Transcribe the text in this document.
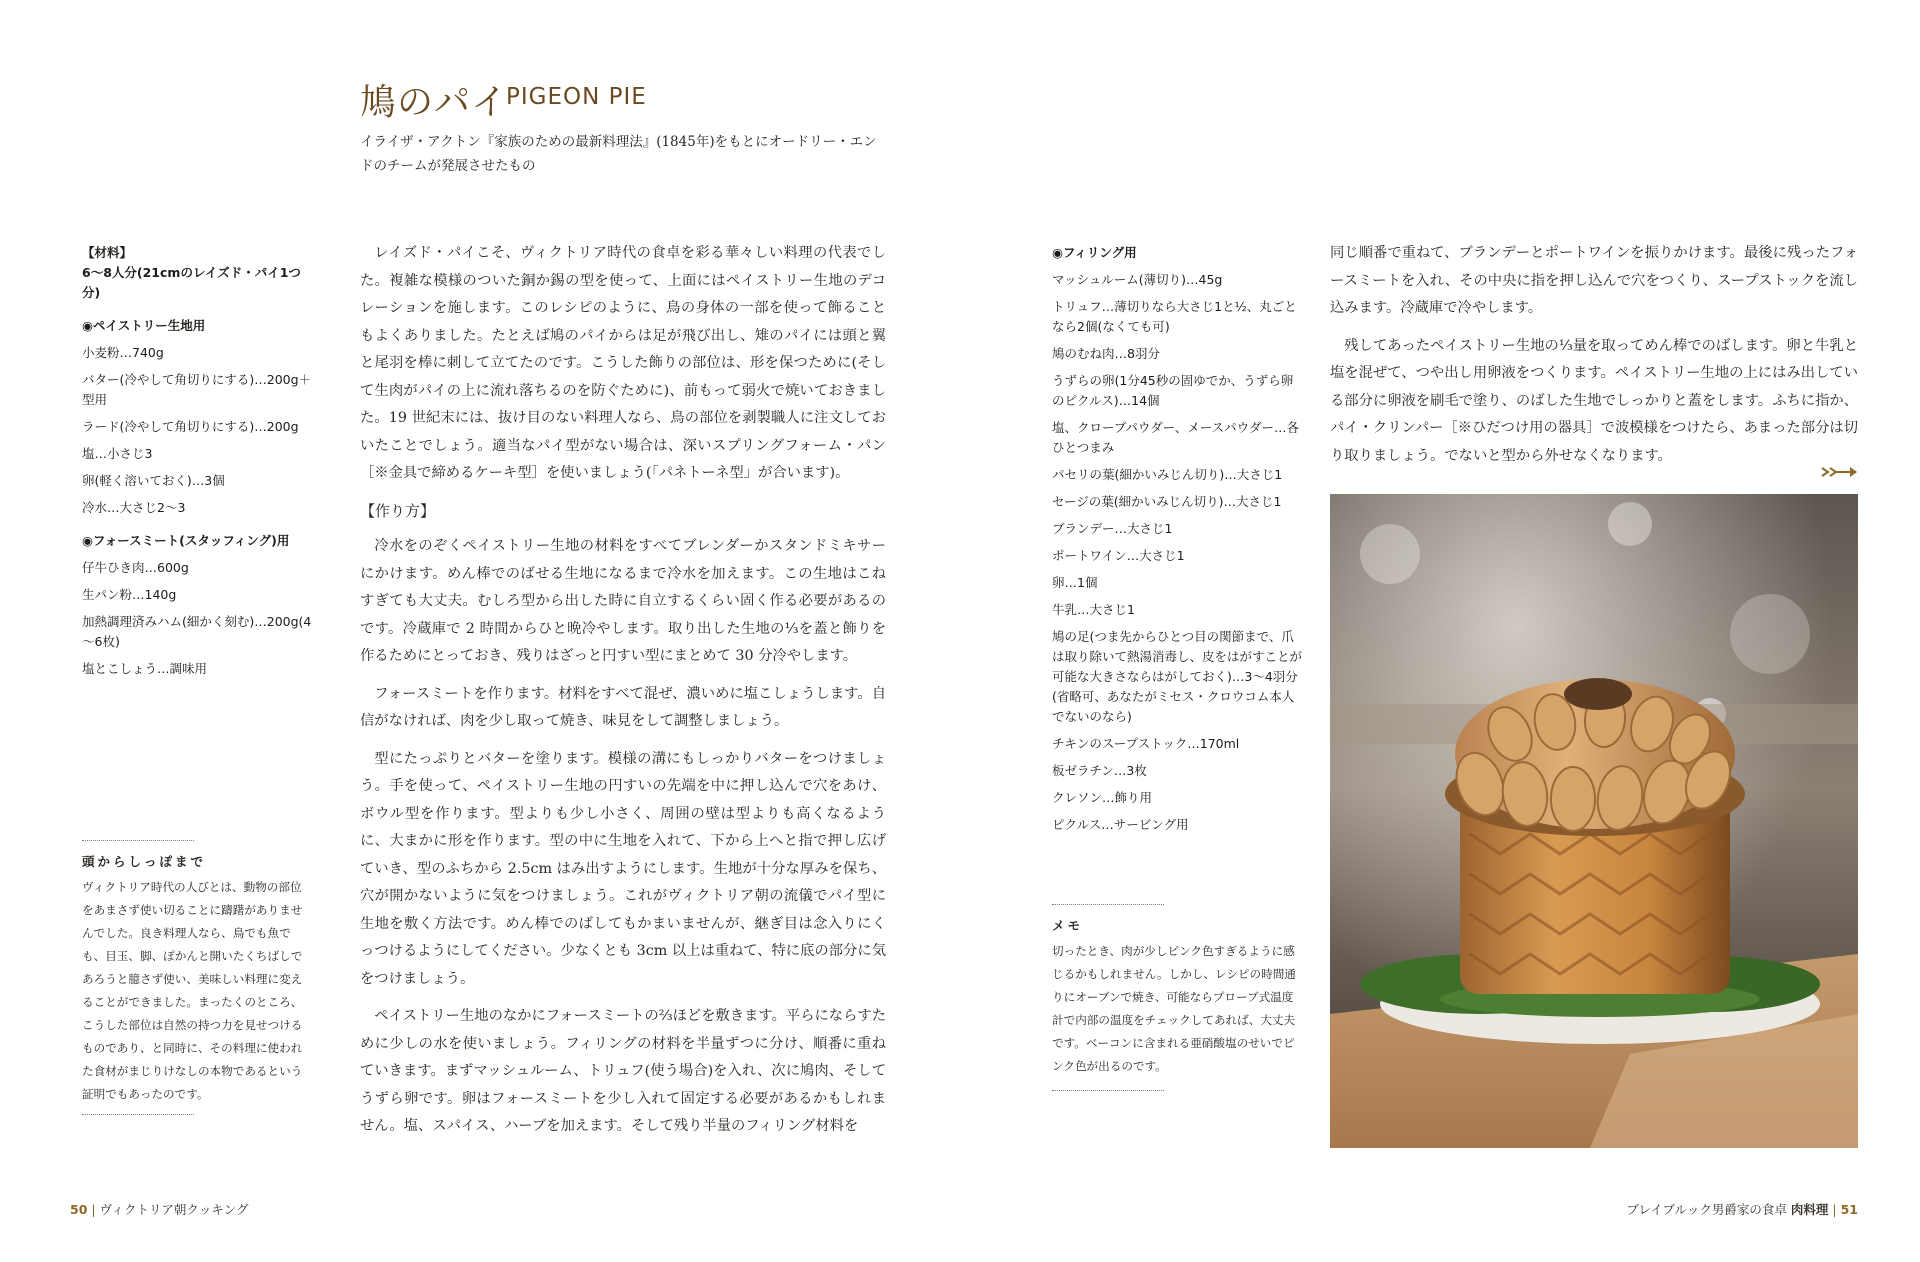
鳩のパイ
PIGEON PIE
イライザ・アクトン『家族のための最新料理法』(1845年)をもとにオードリー・エンドのチームが発展させたもの
【材料】
6～8人分(21cmのレイズド・パイ1つ分)
◉ペイストリー生地用
小麦粉…740g
バター(冷やして角切りにする)…200g＋型用
ラード(冷やして角切りにする)…200g
塩…小さじ3
卵(軽く溶いておく)…3個
冷水…大さじ2～3
◉フォースミート(スタッフィング)用
仔牛ひき肉…600g
生パン粉…140g
加熱調理済みハム(細かく刻む)…200g(4～6枚)
塩とこしょう…調味用
頭からしっぽまで
ヴィクトリア時代の人びとは、動物の部位をあまさず使い切ることに躊躇がありませんでした。良き料理人なら、鳥でも魚でも、目玉、脚、ぽかんと開いたくちばしであろうと臆さず使い、美味しい料理に変えることができました。まったくのところ、こうした部位は自然の持つ力を見せつけるものであり、と同時に、その料理に使われた食材がまじりけなしの本物であるという証明でもあったのです。

レイズド・パイこそ、ヴィクトリア時代の食卓を彩る華々しい料理の代表でした。複雑な模様のついた銅か錫の型を使って、上面にはペイストリー生地のデコレーションを施します。このレシピのように、鳥の身体の一部を使って飾ることもよくありました。たとえば鳩のパイからは足が飛び出し、雉のパイには頭と翼と尾羽を棒に刺して立てたのです。こうした飾りの部位は、形を保つために(そして生肉がパイの上に流れ落ちるのを防ぐために)、前もって弱火で焼いておきました。19 世紀末には、抜け目のない料理人なら、鳥の部位を剥製職人に注文しておいたことでしょう。適当なパイ型がない場合は、深いスプリングフォーム・パン［※金具で締めるケーキ型］を使いましょう(「パネトーネ型」が合います)。

【作り方】

冷水をのぞくペイストリー生地の材料をすべてブレンダーかスタンドミキサーにかけます。めん棒でのばせる生地になるまで冷水を加えます。この生地はこねすぎても大丈夫。むしろ型から出した時に自立するくらい固く作る必要があるのです。冷蔵庫で 2 時間からひと晩冷やします。取り出した生地の⅓を蓋と飾りを作るためにとっておき、残りはざっと円すい型にまとめて 30 分冷やします。

フォースミートを作ります。材料をすべて混ぜ、濃いめに塩こしょうします。自信がなければ、肉を少し取って焼き、味見をして調整しましょう。

型にたっぷりとバターを塗ります。模様の溝にもしっかりバターをつけましょう。手を使って、ペイストリー生地の円すいの先端を中に押し込んで穴をあけ、ボウル型を作ります。型よりも少し小さく、周囲の壁は型よりも高くなるように、大まかに形を作ります。型の中に生地を入れて、下から上へと指で押し広げていき、型のふちから 2.5cm はみ出すようにします。生地が十分な厚みを保ち、穴が開かないように気をつけましょう。これがヴィクトリア朝の流儀でパイ型に生地を敷く方法です。めん棒でのばしてもかまいませんが、継ぎ目は念入りにくっつけるようにしてください。少なくとも 3cm 以上は重ねて、特に底の部分に気をつけましょう。

ペイストリー生地のなかにフォースミートの⅔ほどを敷きます。平らにならすために少しの水を使いましょう。フィリングの材料を半量ずつに分け、順番に重ねていきます。まずマッシュルーム、トリュフ(使う場合)を入れ、次に鳩肉、そしてうずら卵です。卵はフォースミートを少し入れて固定する必要があるかもしれません。塩、スパイス、ハーブを加えます。そして残り半量のフィリング材料を

◉フィリング用
マッシュルーム(薄切り)…45g
トリュフ…薄切りなら大さじ1と½、丸ごとなら2個(なくても可)
鳩のむね肉…8羽分
うずらの卵(1分45秒の固ゆでか、うずら卵のピクルス)…14個
塩、クローブパウダー、メースパウダー…各ひとつまみ
パセリの葉(細かいみじん切り)…大さじ1
セージの葉(細かいみじん切り)…大さじ1
ブランデー…大さじ1
ポートワイン…大さじ1
卵…1個
牛乳…大さじ1
鳩の足(つま先からひとつ目の関節まで、爪は取り除いて熱湯消毒し、皮をはがすことが可能な大きさならはがしておく)…3～4羽分(省略可、あなたがミセス・クロウコム本人でないのなら)
チキンのスープストック…170ml
板ゼラチン…3枚
クレソン…飾り用
ピクルス…サービング用
メモ
切ったとき、肉が少しピンク色すぎるように感じるかもしれません。しかし、レシピの時間通りにオーブンで焼き、可能ならプローブ式温度計で内部の温度をチェックしてあれば、大丈夫です。ベーコンに含まれる亜硝酸塩のせいでピンク色が出るのです。

同じ順番で重ねて、ブランデーとポートワインを振りかけます。最後に残ったフォースミートを入れ、その中央に指を押し込んで穴をつくり、スープストックを流し込みます。冷蔵庫で冷やします。

残してあったペイストリー生地の⅓量を取ってめん棒でのばします。卵と牛乳と塩を混ぜて、つや出し用卵液をつくります。ペイストリー生地の上にはみ出している部分に卵液を刷毛で塗り、のばした生地でしっかりと蓋をします。ふちに指か、パイ・クリンパー［※ひだつけ用の器具］で波模様をつけたら、あまった部分は切り取りましょう。でないと型から外せなくなります。

50 | ヴィクトリア朝クッキング	ブレイブルック男爵家の食卓 肉料理 | 51
